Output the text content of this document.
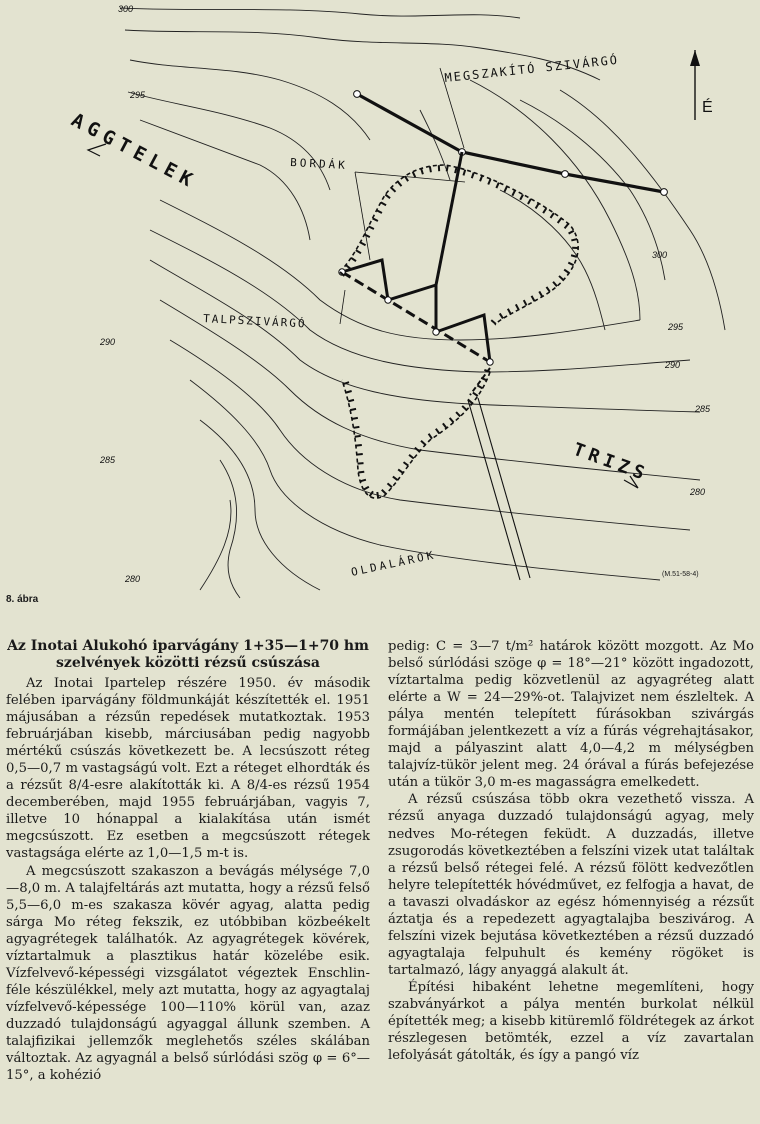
300
295
290
285
280
300
295
290
285
280
MEGSZAKÍTÓ SZIVÁRGÓ
AGGTELEK	BORDÁK
TALPSZIVÁRGÓ
TRIZS
OLDALÁROK
É
(M.51-58-4)
8. ábra
Az Inotai Alukohó iparvágány 1+35—1+70 hm szelvények közötti rézsű csúszása

Az Inotai Ipartelep részére 1950. év második felében iparvágány földmunkáját készítették el. 1951 májusában a rézsűn repedések mutatkoztak. 1953 februárjában kisebb, márciusában pedig nagyobb mértékű csúszás következett be. A lecsúszott réteg 0,5—0,7 m vastagságú volt. Ezt a réteget elhordták és a rézsűt 8/4-esre alakították ki. A 8/4-es rézsű 1954 decemberében, majd 1955 februárjában, vagyis 7, illetve 10 hónappal a kialakítása után ismét megcsúszott. Ez esetben a megcsúszott rétegek vastagsága elérte az 1,0—1,5 m-t is.

A megcsúszott szakaszon a bevágás mélysége 7,0—8,0 m. A talajfeltárás azt mutatta, hogy a rézsű felső 5,5—6,0 m-es szakasza kövér agyag, alatta pedig sárga Mo réteg fekszik, ez utóbbiban közbeékelt agyagrétegek találhatók. Az agyagrétegek kövérek, víztartalmuk a plasztikus határ közelébe esik. Vízfelvevő-képességi vizsgálatot végeztek Enschlin-féle készülékkel, mely azt mutatta, hogy az agyagtalaj vízfelvevő-képessége 100—110% körül van, azaz duzzadó tulajdonságú agyaggal állunk szemben. A talajfizikai jellemzők meglehetős széles skálában változtak. Az agyagnál a belső súrlódási szög φ = 6°—15°, a kohézió

pedig: C = 3—7 t/m² határok között mozgott. Az Mo belső súrlódási szöge φ = 18°—21° között ingadozott, víztartalma pedig közvetlenül az agyagréteg alatt elérte a W = 24—29%-ot. Talajvizet nem észleltek. A pálya mentén telepített fúrásokban szivárgás formájában jelentkezett a víz a fúrás végrehajtásakor, majd a pályaszint alatt 4,0—4,2 m mélységben talajvíz-tükör jelent meg. 24 órával a fúrás befejezése után a tükör 3,0 m-es magasságra emelkedett.

A rézsű csúszása több okra vezethető vissza. A rézsű anyaga duzzadó tulajdonságú agyag, mely nedves Mo-rétegen feküdt. A duzzadás, illetve zsugorodás következtében a felszíni vizek utat találtak a rézsű belső rétegei felé. A rézsű fölött kedvezőtlen helyre telepítették hóvédművet, ez felfogja a havat, de a tavaszi olvadáskor az egész hómennyiség a rézsűt áztatja és a repedezett agyagtalajba beszivárog. A felszíni vizek bejutása következtében a rézsű duzzadó agyagtalaja felpuhult és kemény rögöket is tartalmazó, lágy anyaggá alakult át.

Építési hibaként lehetne megemlíteni, hogy szabványárkot a pálya mentén burkolat nélkül építették meg; a kisebb kitüremlő földrétegek az árkot részlegesen betömték, ezzel a víz zavartalan lefolyását gátolták, és így a pangó víz
